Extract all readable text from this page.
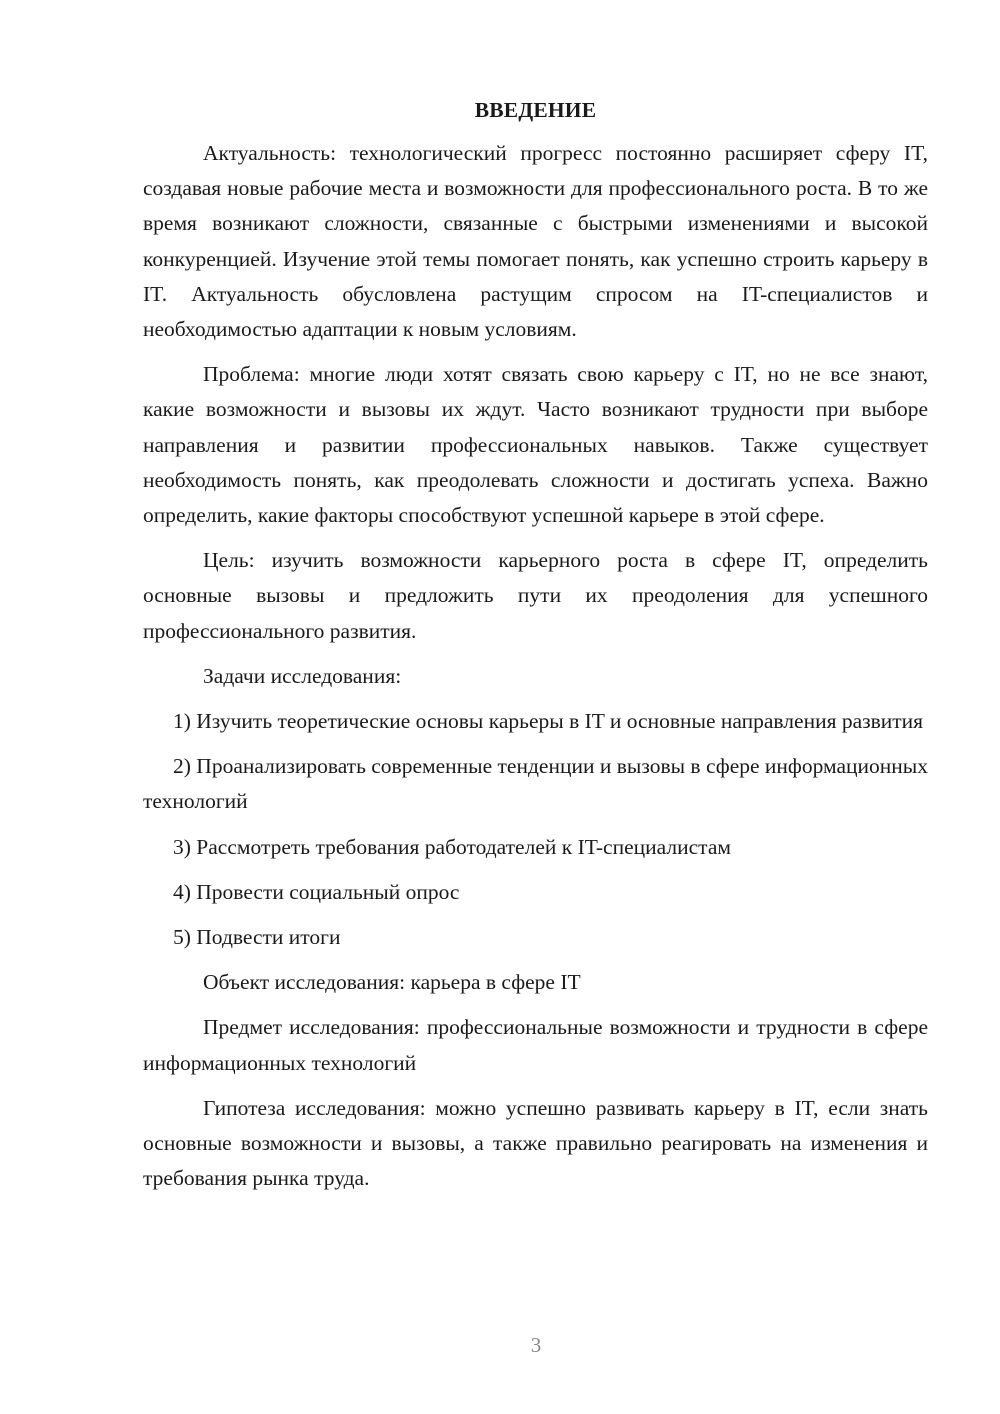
ВВЕДЕНИЕ

Актуальность: технологический прогресс постоянно расширяет сферу IT, создавая новые рабочие места и возможности для профессионального роста. В то же время возникают сложности, связанные с быстрыми изменениями и высокой конкуренцией. Изучение этой темы помогает понять, как успешно строить карьеру в IT. Актуальность обусловлена растущим спросом на IT-специалистов и необходимостью адаптации к новым условиям.

Проблема: многие люди хотят связать свою карьеру с IT, но не все знают, какие возможности и вызовы их ждут. Часто возникают трудности при выборе направления и развитии профессиональных навыков. Также существует необходимость понять, как преодолевать сложности и достигать успеха. Важно определить, какие факторы способствуют успешной карьере в этой сфере.

Цель: изучить возможности карьерного роста в сфере IT, определить основные вызовы и предложить пути их преодоления для успешного профессионального развития.

Задачи исследования:

1) Изучить теоретические основы карьеры в IT и основные направления развития

2) Проанализировать современные тенденции и вызовы в сфере информационных технологий

3) Рассмотреть требования работодателей к IT-специалистам

4) Провести социальный опрос

5) Подвести итоги

Объект исследования: карьера в сфере IT

Предмет исследования: профессиональные возможности и трудности в сфере информационных технологий

Гипотеза исследования: можно успешно развивать карьеру в IT, если знать основные возможности и вызовы, а также правильно реагировать на изменения и требования рынка труда.

3
